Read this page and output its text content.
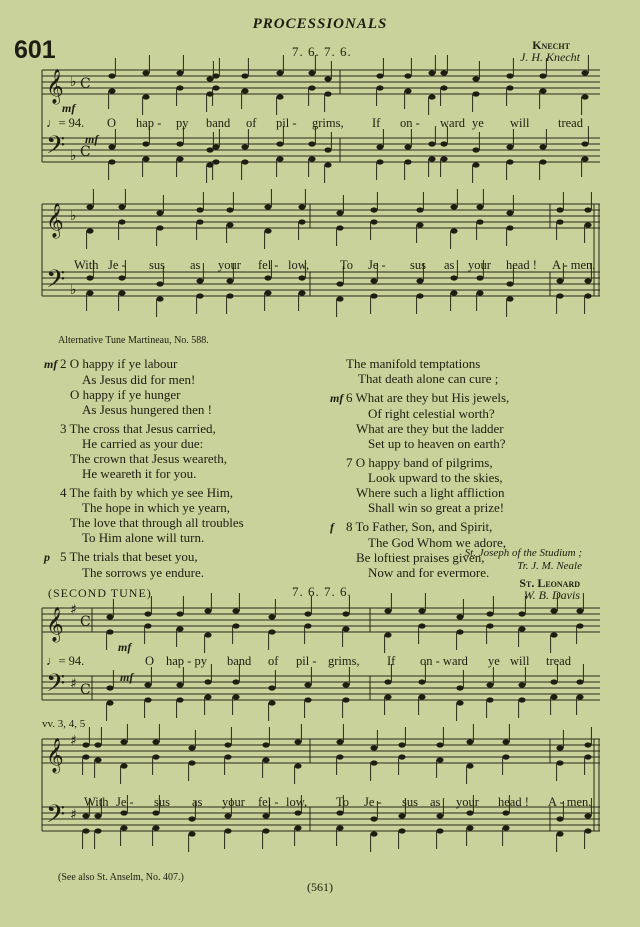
PROCESSIONALS
601	7. 6. 7. 6.	Knecht
J. H. Knecht
𝄞
𝄢
♭
♭
C
C
mf
mf
♩= 94. O hap - py band of pil - grims, If on - ward ye will tread
𝄞
𝄢
♭
♭
With Je - sus as your fel - low, To Je - sus as your head ! A - men.
Alternative Tune Martineau, No. 588.
mf 2 O happy if ye labour
As Jesus did for men!
O happy if ye hunger
As Jesus hungered then !
3 The cross that Jesus carried,
He carried as your due:
The crown that Jesus weareth,
He weareth it for you.
4 The faith by which ye see Him,
The hope in which ye yearn,
The love that through all troubles
To Him alone will turn.
p 5 The trials that beset you,
The sorrows ye endure.
The manifold temptations
That death alone can cure ;
mf 6 What are they but His jewels,
Of right celestial worth?
What are they but the ladder
Set up to heaven on earth?
7 O happy band of pilgrims,
Look upward to the skies,
Where such a light affliction
Shall win so great a prize!
f 8 To Father, Son, and Spirit,
The God Whom we adore,
Be loftiest praises given,
Now and for evermore.
St. Joseph of the Studium ;
Tr. J. M. Neale
(SECOND TUNE)	7. 6. 7. 6.
St. Leonard
W. B. Davis
𝄞
𝄢
♯
♯
C
C
mf
mf
♩= 94.	O hap - py band of pil - grims, If on - ward ye will tread
vv. 3, 4, 5
𝄞
𝄢
♯
♯
With Je - sus as your fel - low, To Je - sus as your head ! A - men.
(See also St. Anselm, No. 407.)
(561)
